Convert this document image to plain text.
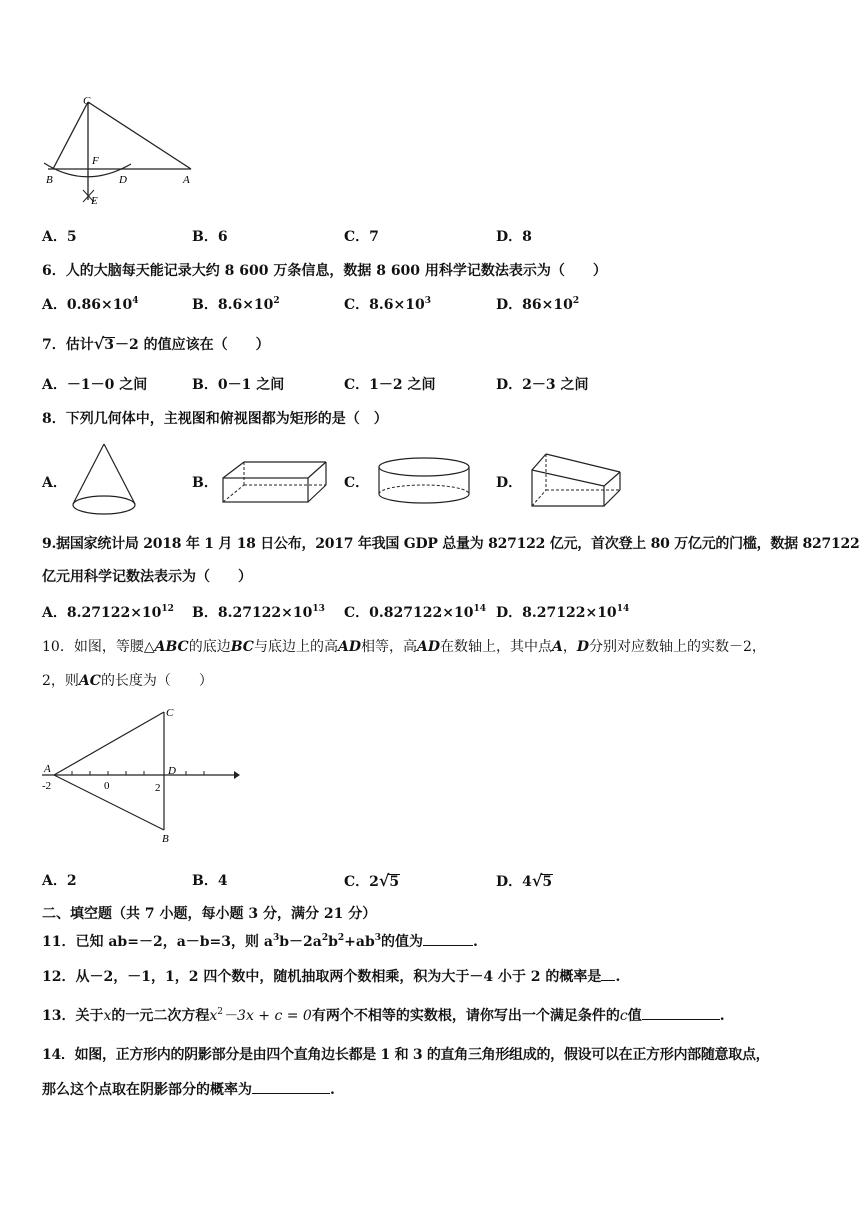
C
F
B	D	A
E
A．5	B．6	C．7	D．8
6．人的大脑每天能记录大约 8 600 万条信息，数据 8 600 用科学记数法表示为（　　）
A．$0.86\times 10^4$	B．$8.6\times 10^2$	C．$8.6\times 10^3$	D．$86\times 10^2$
7．估计√3－2 的值应该在（　　）
A．－1－0 之间	B．0－1 之间	C．1－2 之间	D．2－3 之间
8．下列几何体中，主视图和俯视图都为矩形的是（　）
A．	B．	C．	D．
9.据国家统计局 2018 年 1 月 18 日公布，2017 年我国 GDP 总量为 827122 亿元，首次登上 80 万亿元的门槛，数据 827122
亿元用科学记数法表示为（　　）
A．$8.27122\times 10^{12}$ B．$8.27122\times 10^{13}$ C．$0.827122\times 10^{14}$ D．$8.27122\times 10^{14}$
10．如图，等腰△ABC的底边BC与底边上的高AD相等，高AD在数轴上，其中点A，D分别对应数轴上的实数－2，
2，则AC的长度为（　　）
C
A	D
B
-2	0	2
A．2	B．4	C．2√5	D．4√5
二、填空题（共 7 小题，每小题 3 分，满分 21 分）
11．已知 ab=－2，a－b=3，则 $a^3b-2a^2b^2+ab^3$的值为	.
12．从－2，－1，1，2 四个数中，随机抽取两个数相乘，积为大于－4 小于 2 的概率是 .
13．关于x的一元二次方程$x^2-3x + c = 0$有两个不相等的实数根，请你写出一个满足条件的c值	.
14．如图，正方形内的阴影部分是由四个直角边长都是 1 和 3 的直角三角形组成的，假设可以在正方形内部随意取点，
那么这个点取在阴影部分的概率为	.
